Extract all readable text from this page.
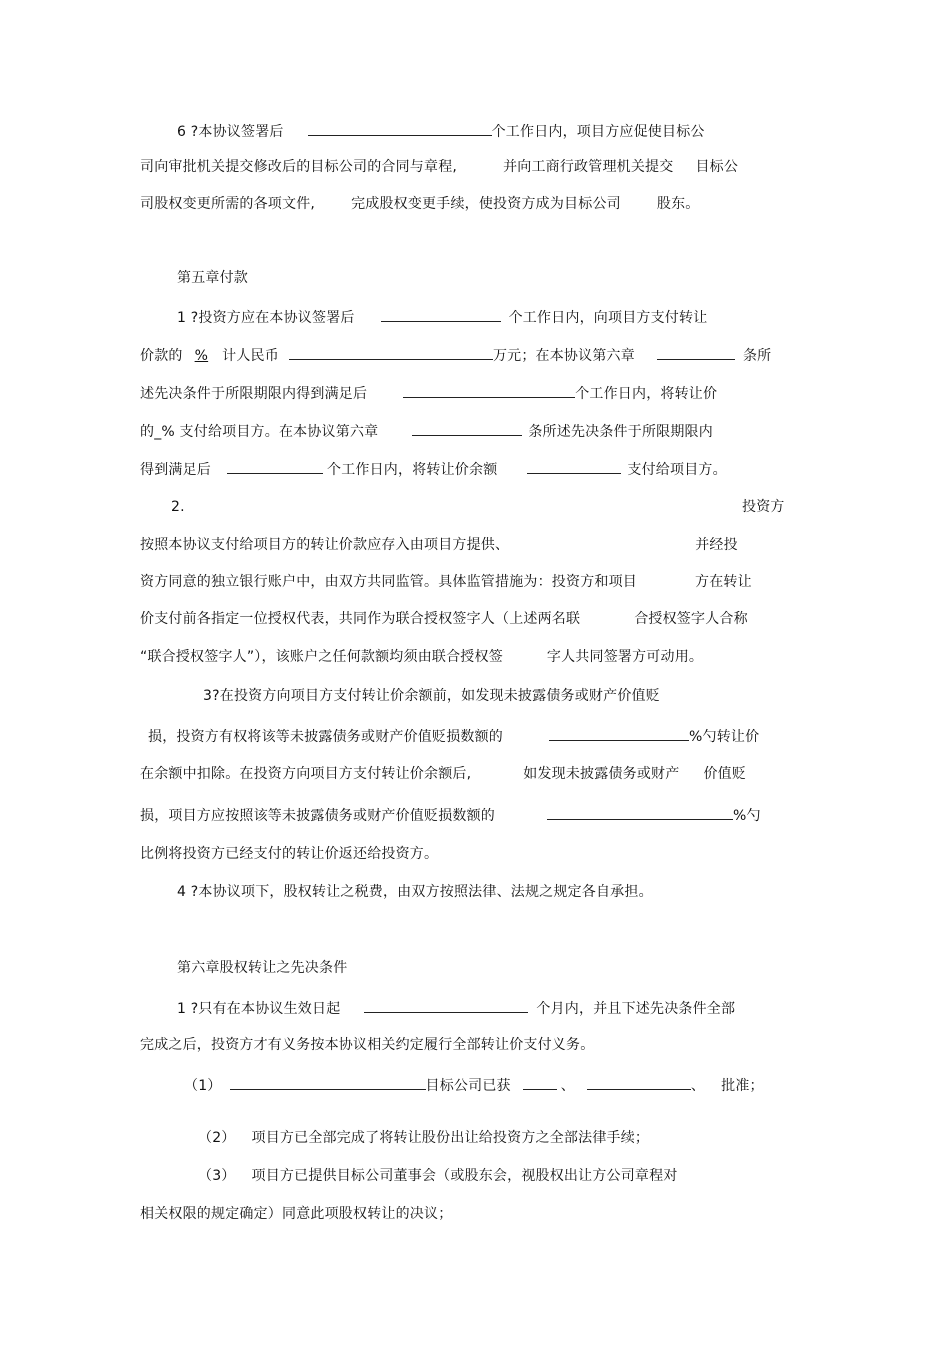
6 ?本协议签署后	个工作日内，项目方应促使目标公
司向审批机关提交修改后的目标公司的合同与章程,	并向工商行政管理机关提交 目标公
司股权变更所需的各项文件,	完成股权变更手续，使投资方成为目标公司	股东。
第五章付款
1 ?投资方应在本协议签署后	个工作日内，向项目方支付转让
价款的 % 计人民币	万元；在本协议第六章	条所
述先决条件于所限期限内得到满足后	个工作日内，将转让价
的_% 支付给项目方。在本协议第六章	条所述先决条件于所限期限内
得到满足后	个工作日内，将转让价余额	支付给项目方。
2.	投资方
按照本协议支付给项目方的转让价款应存入由项目方提供、	并经投
资方同意的独立银行账户中，由双方共同监管。具体监管措施为：投资方和项目	方在转让
价支付前各指定一位授权代表，共同作为联合授权签字人（上述两名联	合授权签字人合称
“联合授权签字人”），该账户之任何款额均须由联合授权签	字人共同签署方可动用。
3?在投资方向项目方支付转让价余额前，如发现未披露债务或财产价值贬
损，投资方有权将该等未披露债务或财产价值贬损数额的	%勺转让价
在余额中扣除。在投资方向项目方支付转让价余额后,	如发现未披露债务或财产 价值贬
损，项目方应按照该等未披露债务或财产价值贬损数额的	%勺
比例将投资方已经支付的转让价返还给投资方。
4 ?本协议项下，股权转让之税费，由双方按照法律、法规之规定各自承担。
第六章股权转让之先决条件
1 ?只有在本协议生效日起	个月内，并且下述先决条件全部
完成之后，投资方才有义务按本协议相关约定履行全部转让价支付义务。
（1）	目标公司已获	、	、 批准；
（2） 项目方已全部完成了将转让股份出让给投资方之全部法律手续；
（3） 项目方已提供目标公司董事会（或股东会，视股权出让方公司章程对
相关权限的规定确定）同意此项股权转让的决议；
